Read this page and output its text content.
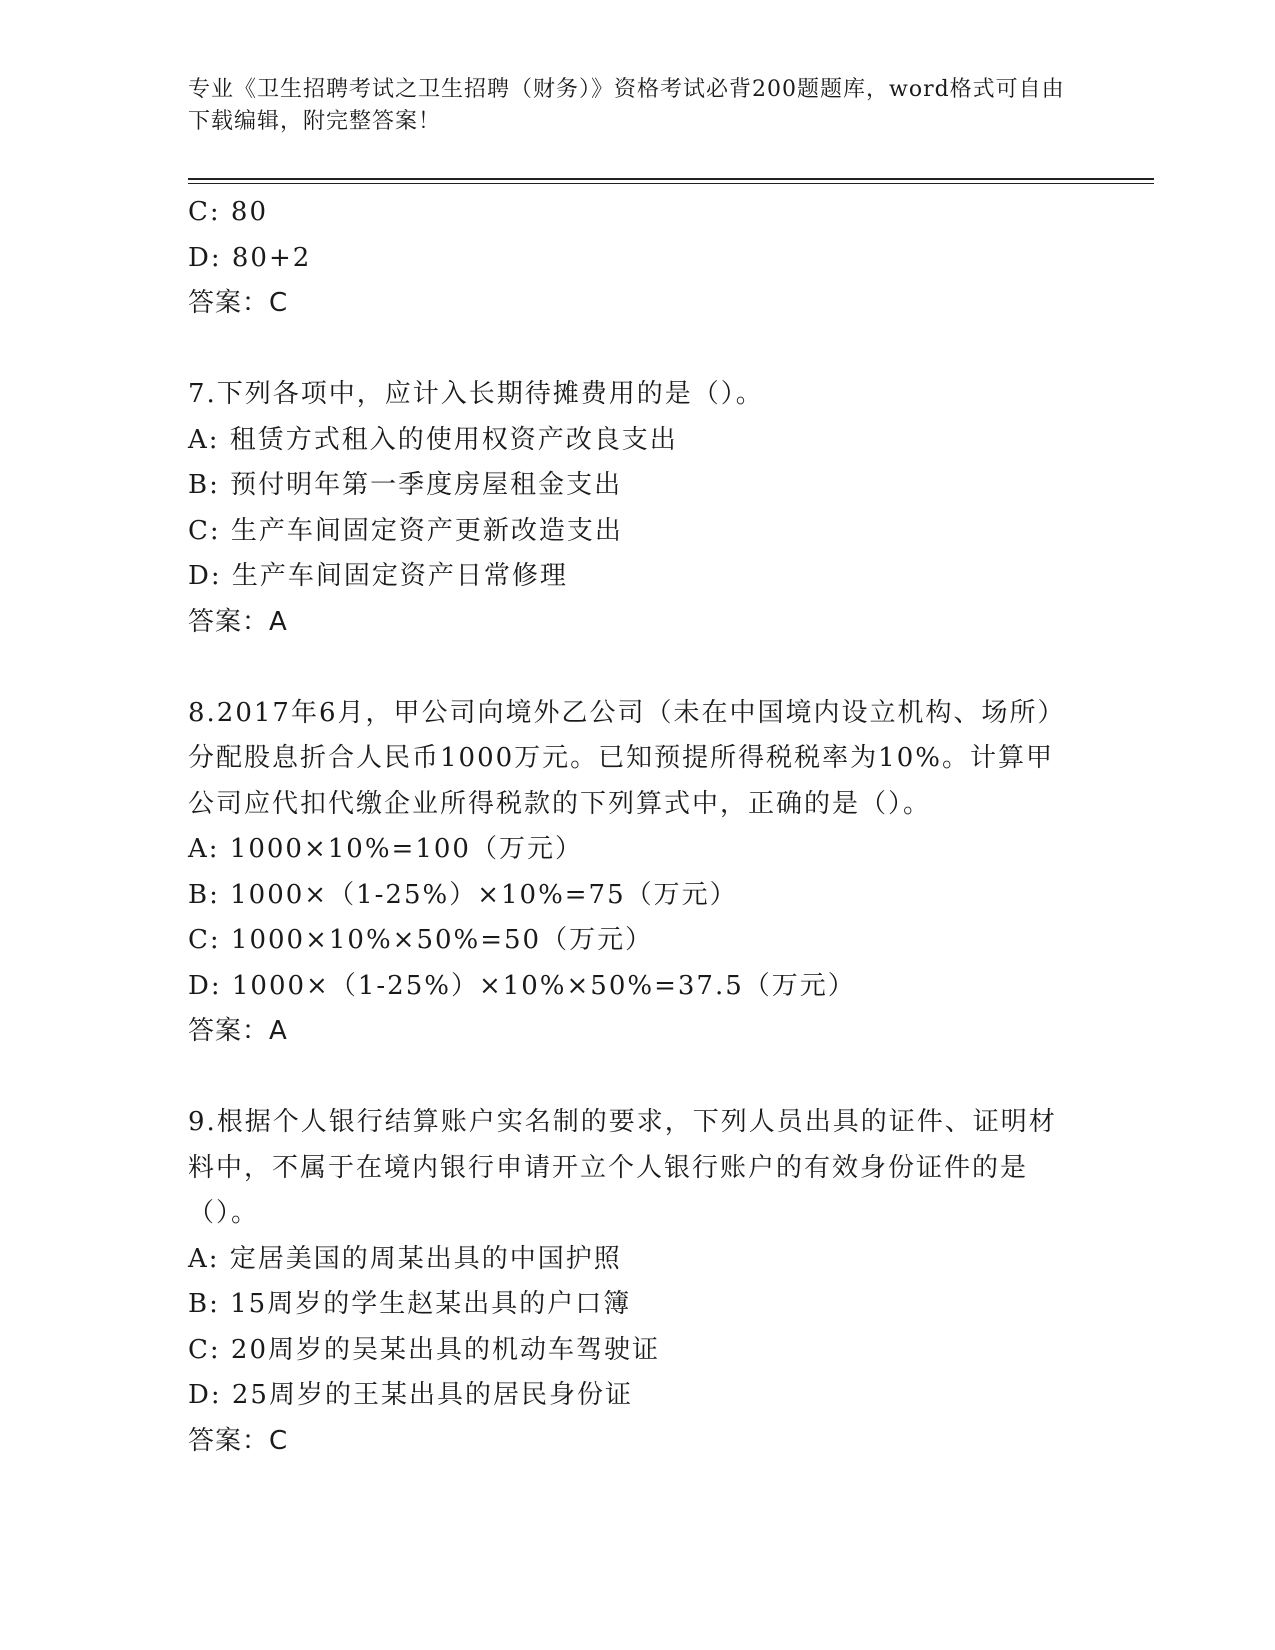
专业《卫生招聘考试之卫生招聘（财务）》资格考试必背200题题库，word格式可自由下载编辑，附完整答案！
C: 80
D: 80+2
答案：C
7.下列各项中，应计入长期待摊费用的是（）。
A: 租赁方式租入的使用权资产改良支出
B: 预付明年第一季度房屋租金支出
C: 生产车间固定资产更新改造支出
D: 生产车间固定资产日常修理
答案：A
8.2017年6月，甲公司向境外乙公司（未在中国境内设立机构、场所）分配股息折合人民币1000万元。已知预提所得税税率为10%。计算甲公司应代扣代缴企业所得税款的下列算式中，正确的是（）。
A: 1000×10%=100（万元）
B: 1000×（1-25%）×10%=75（万元）
C: 1000×10%×50%=50（万元）
D: 1000×（1-25%）×10%×50%=37.5（万元）
答案：A
9.根据个人银行结算账户实名制的要求，下列人员出具的证件、证明材料中，不属于在境内银行申请开立个人银行账户的有效身份证件的是（）。
A: 定居美国的周某出具的中国护照
B: 15周岁的学生赵某出具的户口簿
C: 20周岁的吴某出具的机动车驾驶证
D: 25周岁的王某出具的居民身份证
答案：C
